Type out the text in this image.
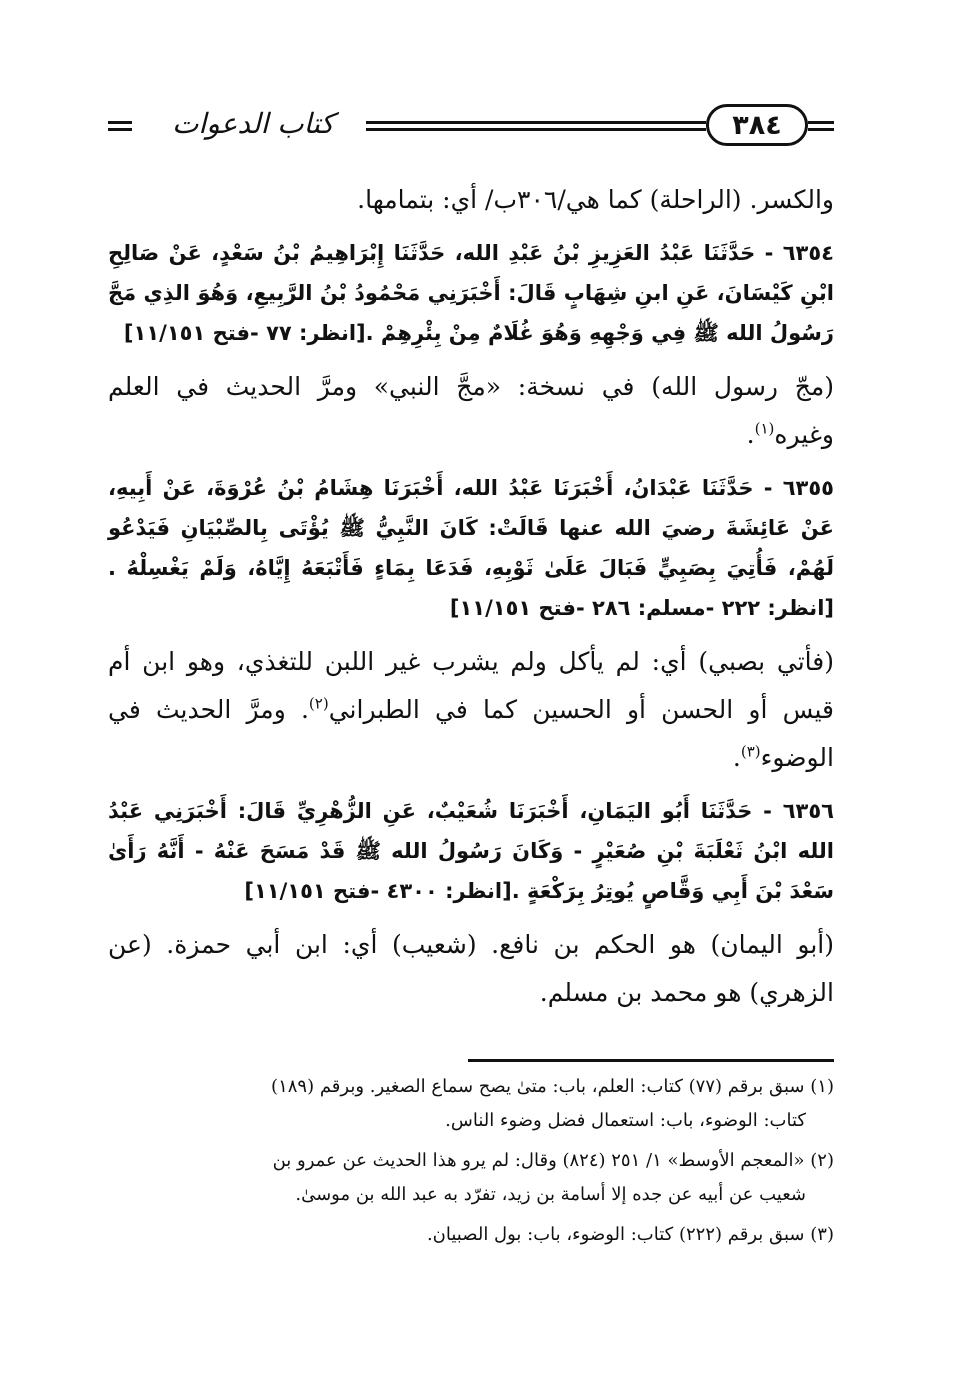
كتاب الدعوات	٣٨٤

والكسر. (الراحلة) كما هي/٣٠٦ب/ أي: بتمامها.

٦٣٥٤ - حَدَّثَنَا عَبْدُ العَزِيزِ بْنُ عَبْدِ الله، حَدَّثَنَا إِبْرَاهِيمُ بْنُ سَعْدٍ، عَنْ صَالِحِ ابْنِ كَيْسَانَ، عَنِ ابنِ شِهَابٍ قَالَ: أَخْبَرَنِي مَحْمُودُ بْنُ الرَّبِيعِ، وَهُوَ الذِي مَجَّ رَسُولُ الله ﷺ فِي وَجْهِهِ وَهُوَ غُلَامٌ مِنْ بِئْرِهِمْ .[انظر: ٧٧ -فتح ١١/١٥١]

(مجّ رسول الله) في نسخة: «مجَّ النبي» ومرَّ الحديث في العلم وغيره$^{(١)}$.

٦٣٥٥ - حَدَّثَنَا عَبْدَانُ، أَخْبَرَنَا عَبْدُ الله، أَخْبَرَنَا هِشَامُ بْنُ عُرْوَةَ، عَنْ أَبِيهِ، عَنْ عَائِشَةَ رضيَ الله عنها قَالَتْ: كَانَ النَّبِيُّ ﷺ يُؤْتَى بِالصِّبْيَانِ فَيَدْعُو لَهُمْ، فَأُتِيَ بِصَبِيٍّ فَبَالَ عَلَىٰ ثَوْبِهِ، فَدَعَا بِمَاءٍ فَأَتْبَعَهُ إِيَّاهُ، وَلَمْ يَغْسِلْهُ .[انظر: ٢٢٢ -مسلم: ٢٨٦ -فتح ١١/١٥١]

(فأتي بصبي) أي: لم يأكل ولم يشرب غير اللبن للتغذي، وهو ابن أم قيس أو الحسن أو الحسين كما في الطبراني$^{(٢)}$. ومرَّ الحديث في الوضوء$^{(٣)}$.

٦٣٥٦ - حَدَّثَنَا أَبُو اليَمَانِ، أَخْبَرَنَا شُعَيْبٌ، عَنِ الزُّهْرِيِّ قَالَ: أَخْبَرَنِي عَبْدُ الله ابْنُ ثَعْلَبَةَ بْنِ صُعَيْرٍ - وَكَانَ رَسُولُ الله ﷺ قَدْ مَسَحَ عَنْهُ - أَنَّهُ رَأَىٰ سَعْدَ بْنَ أَبِي وَقَّاصٍ يُوتِرُ بِرَكْعَةٍ .[انظر: ٤٣٠٠ -فتح ١١/١٥١]

(أبو اليمان) هو الحكم بن نافع. (شعيب) أي: ابن أبي حمزة. (عن الزهري) هو محمد بن مسلم.

(١) سبق برقم (٧٧) كتاب: العلم، باب: متىٰ يصح سماع الصغير. وبرقم (١٨٩)
كتاب: الوضوء، باب: استعمال فضل وضوء الناس.

(٢) «المعجم الأوسط» ١/ ٢٥١ (٨٢٤) وقال: لم يرو هذا الحديث عن عمرو بن
شعيب عن أبيه عن جده إلا أسامة بن زيد، تفرّد به عبد الله بن موسىٰ.

(٣) سبق برقم (٢٢٢) كتاب: الوضوء، باب: بول الصبيان.
